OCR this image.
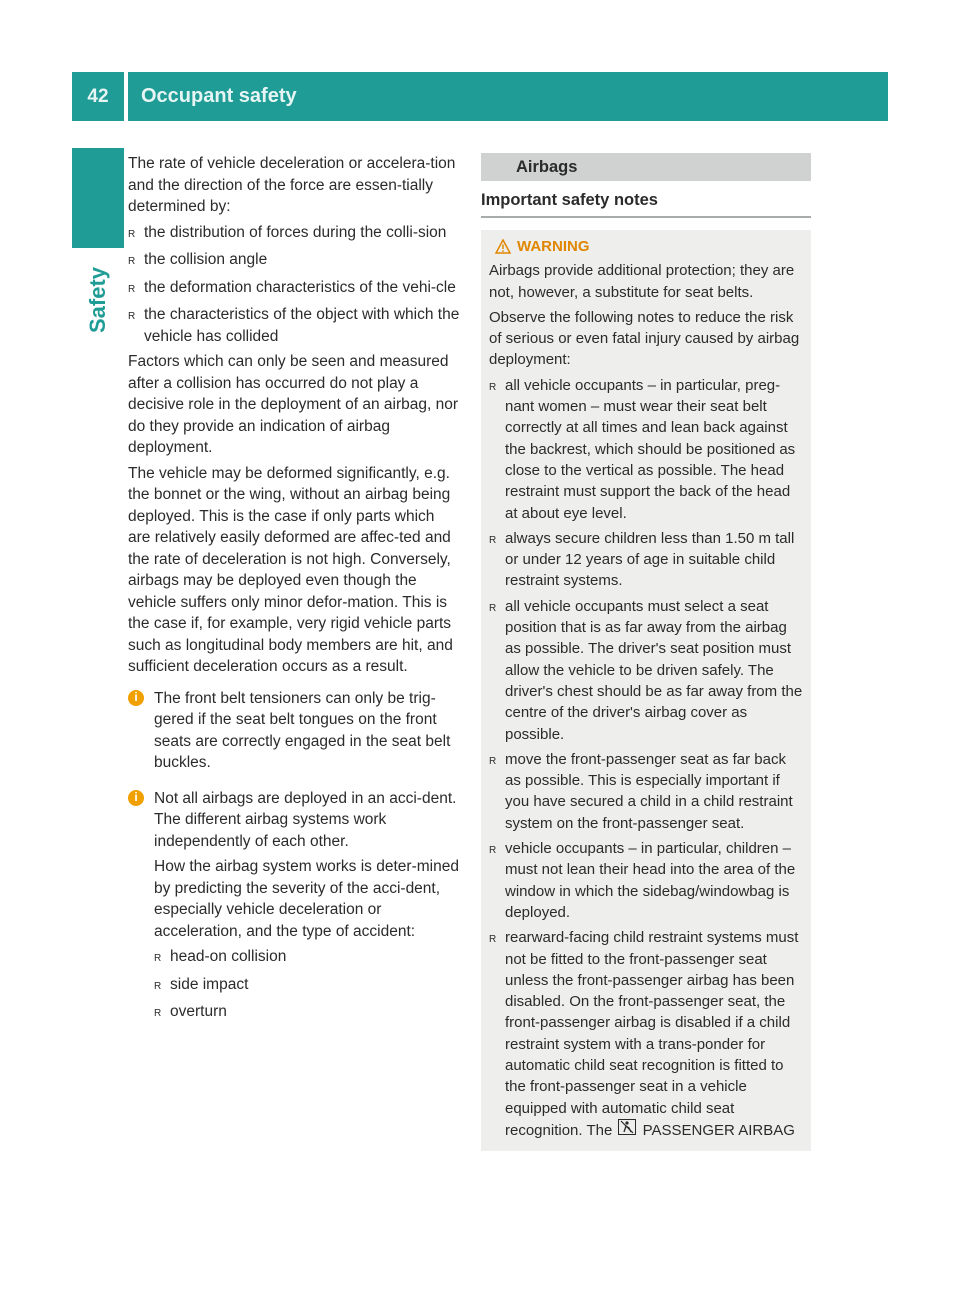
42	Occupant safety
Safety

The rate of vehicle deceleration or accelera-tion and the direction of the force are essen-tially determined by:

R the distribution of forces during the colli-sion
R the collision angle
R the deformation characteristics of the vehi-cle
R the characteristics of the object with which the vehicle has collided

Factors which can only be seen and measured after a collision has occurred do not play a decisive role in the deployment of an airbag, nor do they provide an indication of airbag deployment.

The vehicle may be deformed significantly, e.g. the bonnet or the wing, without an airbag being deployed. This is the case if only parts which are relatively easily deformed are affec-ted and the rate of deceleration is not high. Conversely, airbags may be deployed even though the vehicle suffers only minor defor-mation. This is the case if, for example, very rigid vehicle parts such as longitudinal body members are hit, and sufficient deceleration occurs as a result.

i	The front belt tensioners can only be trig-gered if the seat belt tongues on the front seats are correctly engaged in the seat belt buckles.

i	Not all airbags are deployed in an acci-dent. The different airbag systems work independently of each other.

How the airbag system works is deter-mined by predicting the severity of the acci-dent, especially vehicle deceleration or acceleration, and the type of accident:

R head-on collision
R side impact
R overturn
Airbags
Important safety notes
WARNING

Airbags provide additional protection; they are not, however, a substitute for seat belts.

Observe the following notes to reduce the risk of serious or even fatal injury caused by airbag deployment:

R all vehicle occupants – in particular, preg-nant women – must wear their seat belt correctly at all times and lean back against the backrest, which should be positioned as close to the vertical as possible. The head restraint must support the back of the head at about eye level.
R always secure children less than 1.50 m tall or under 12 years of age in suitable child restraint systems.
R all vehicle occupants must select a seat position that is as far away from the airbag as possible. The driver's seat position must allow the vehicle to be driven safely. The driver's chest should be as far away from the centre of the driver's airbag cover as possible.
R move the front-passenger seat as far back as possible. This is especially important if you have secured a child in a child restraint system on the front-passenger seat.
R vehicle occupants – in particular, children – must not lean their head into the area of the window in which the sidebag/windowbag is deployed.
R rearward-facing child restraint systems must not be fitted to the front-passenger seat unless the front-passenger airbag has been disabled. On the front-passenger seat, the front-passenger airbag is disabled if a child restraint system with a trans-ponder for automatic child seat recognition is fitted to the front-passenger seat in a vehicle equipped with automatic child seat recognition. The PASSENGER AIRBAG
